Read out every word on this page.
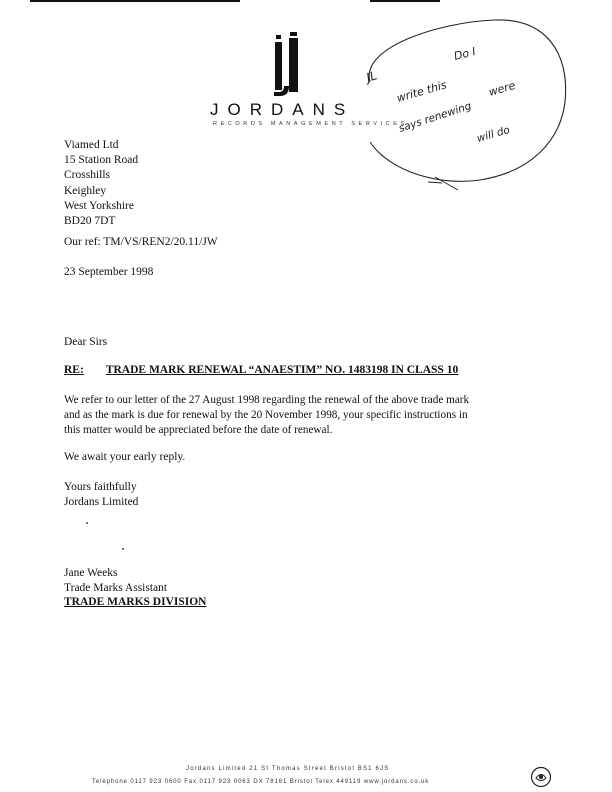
JORDANS
RECORDS MANAGEMENT SERVICES
JL
Do I
write this	were
says renewing will do
Viamed Ltd
15 Station Road
Crosshills
Keighley
West Yorkshire
BD20 7DT
Our ref: TM/VS/REN2/20.11/JW
23 September 1998
Dear Sirs
RE: TRADE MARK RENEWAL “ANAESTIM” NO. 1483198 IN CLASS 10
We refer to our letter of the 27 August 1998 regarding the renewal of the above trade mark
and as the mark is due for renewal by the 20 November 1998, your specific instructions in
this matter would be appreciated before the date of renewal.
We await your early reply.
Yours faithfully
Jordans Limited
Jane Weeks
Trade Marks Assistant
TRADE MARKS DIVISION
Jordans Limited 21 St Thomas Street Bristol BS1 6JS
Telephone 0117 923 0600 Fax 0117 923 0063 DX 78161 Bristol Telex 449119 www.jordans.co.uk
